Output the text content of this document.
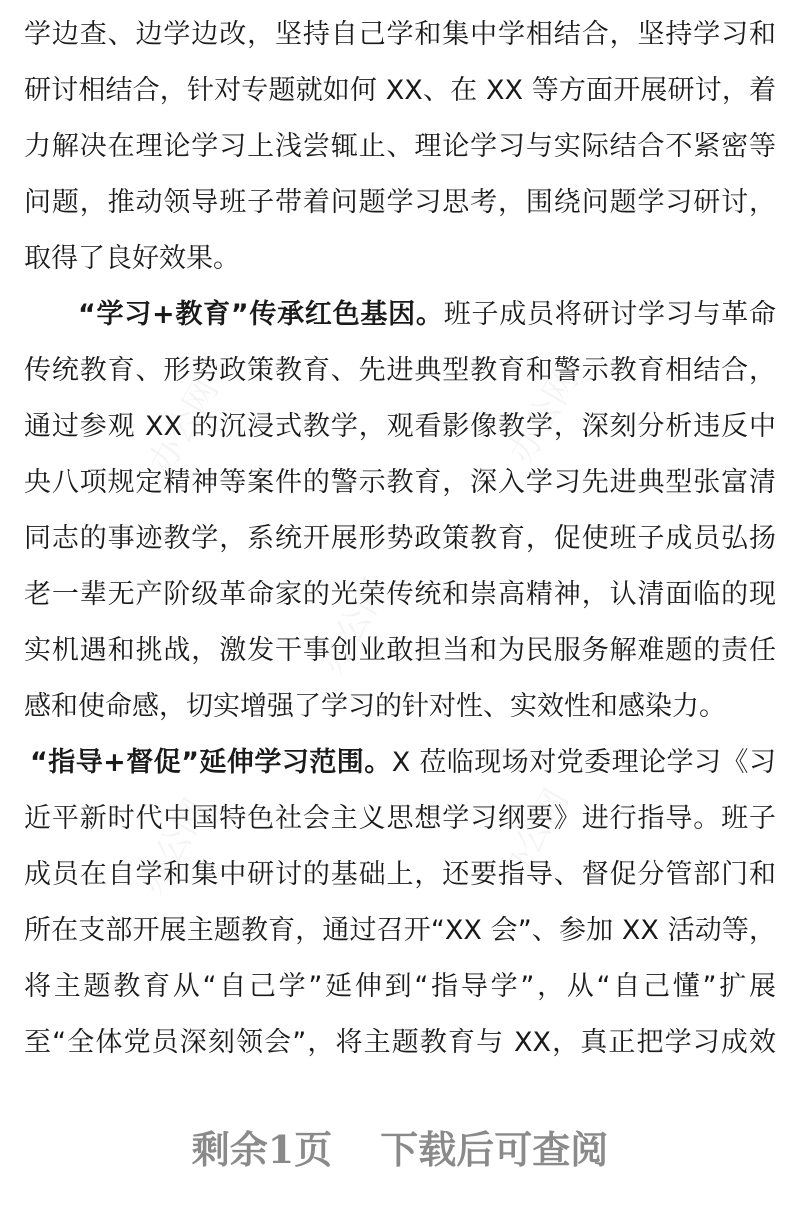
学边查、边学边改，坚持自己学和集中学相结合，坚持学习和
研讨相结合，针对专题就如何 XX、在 XX 等方面开展研讨，着
力解决在理论学习上浅尝辄止、理论学习与实际结合不紧密等
问题，推动领导班子带着问题学习思考，围绕问题学习研讨，
取得了良好效果。
“学习+教育”传承红色基因。班子成员将研讨学习与革命
传统教育、形势政策教育、先进典型教育和警示教育相结合，
通过参观 XX 的沉浸式教学，观看影像教学，深刻分析违反中
央八项规定精神等案件的警示教育，深入学习先进典型张富清
同志的事迹教学，系统开展形势政策教育，促使班子成员弘扬
老一辈无产阶级革命家的光荣传统和崇高精神，认清面临的现
实机遇和挑战，激发干事创业敢担当和为民服务解难题的责任
感和使命感，切实增强了学习的针对性、实效性和感染力。
“指导+督促”延伸学习范围。X 莅临现场对党委理论学习《习
近平新时代中国特色社会主义思想学习纲要》进行指导。班子
成员在自学和集中研讨的基础上，还要指导、督促分管部门和
所在支部开展主题教育，通过召开“XX 会”、参加 XX 活动等，
将主题教育从“自己学”延伸到“指导学”，从“自己懂”扩展
至“全体党员深刻领会”，将主题教育与 XX，真正把学习成效
办公网	办公网
办公网
办公网	办公网
剩余1页 下载后可查阅
